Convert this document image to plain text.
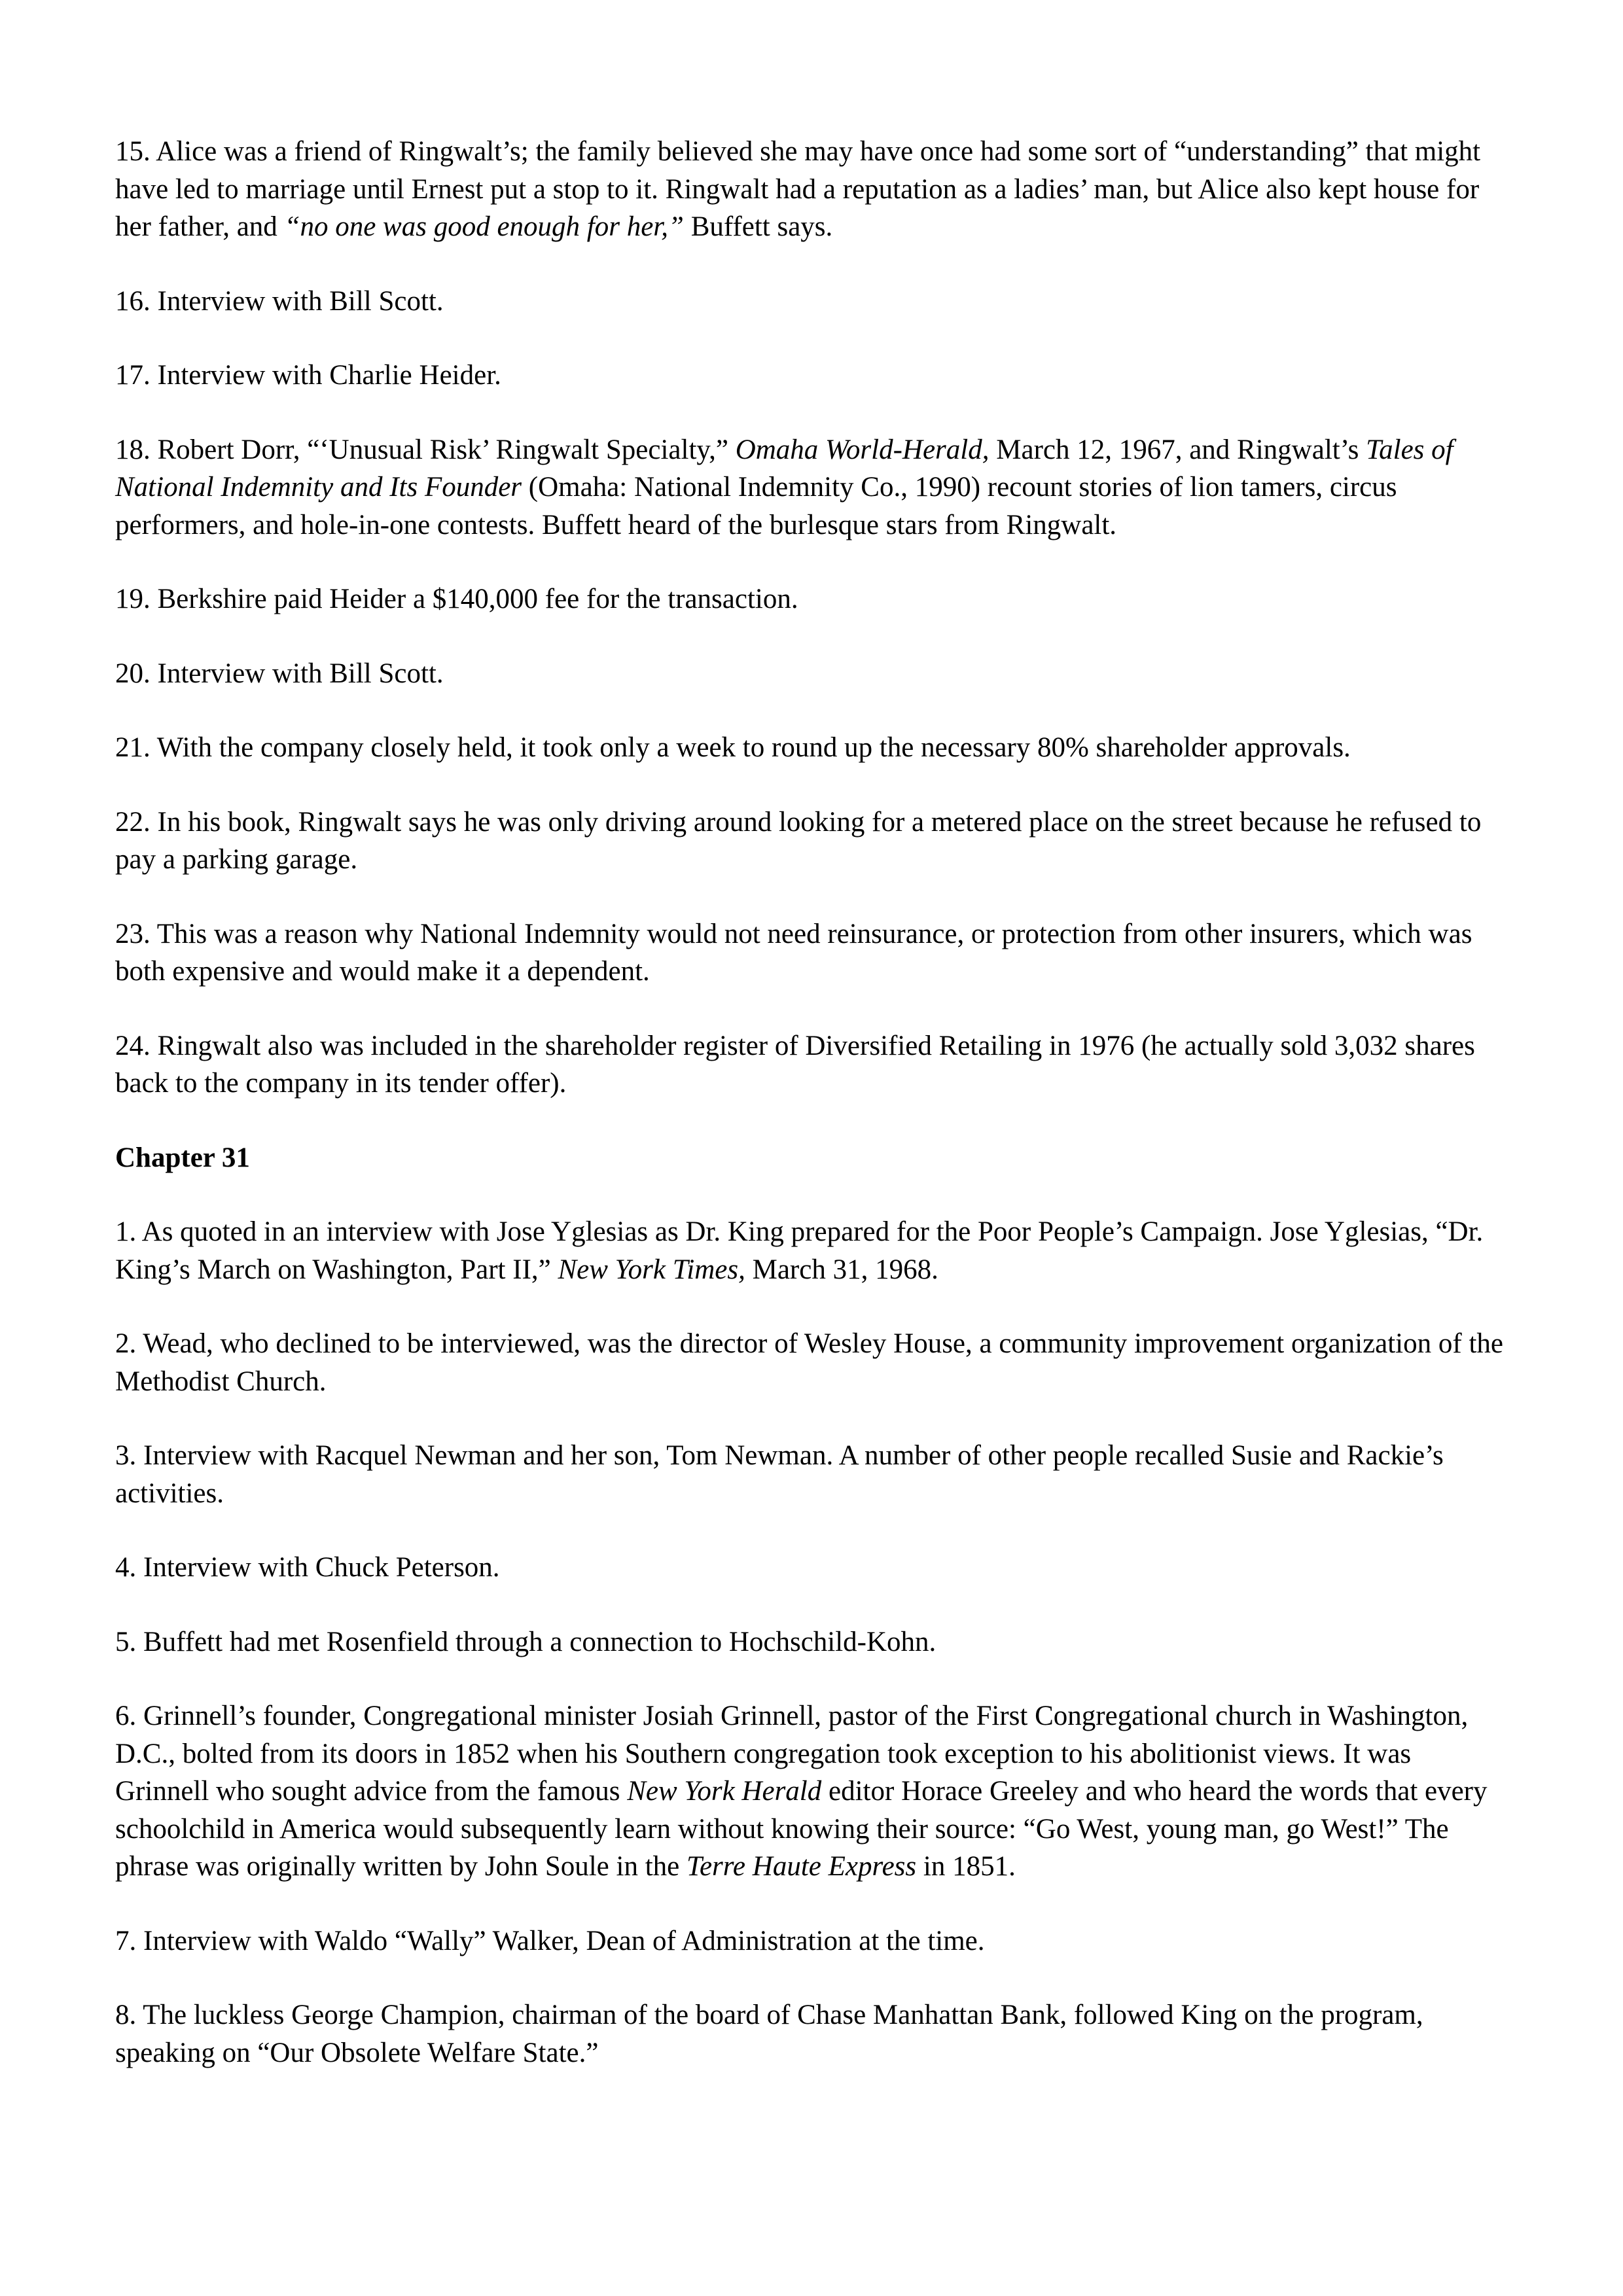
15. Alice was a friend of Ringwalt’s; the family believed she may have once had some sort of “understanding” that might have led to marriage until Ernest put a stop to it. Ringwalt had a reputation as a ladies’ man, but Alice also kept house for her father, and “no one was good enough for her,” Buffett says.

16. Interview with Bill Scott.

17. Interview with Charlie Heider.

18. Robert Dorr, “‘Unusual Risk’ Ringwalt Specialty,” Omaha World-Herald, March 12, 1967, and Ringwalt’s Tales of National Indemnity and Its Founder (Omaha: National Indemnity Co., 1990) recount stories of lion tamers, circus performers, and hole-in-one contests. Buffett heard of the burlesque stars from Ringwalt.

19. Berkshire paid Heider a $140,000 fee for the transaction.

20. Interview with Bill Scott.

21. With the company closely held, it took only a week to round up the necessary 80% shareholder approvals.

22. In his book, Ringwalt says he was only driving around looking for a metered place on the street because he refused to pay a parking garage.

23. This was a reason why National Indemnity would not need reinsurance, or protection from other insurers, which was both expensive and would make it a dependent.

24. Ringwalt also was included in the shareholder register of Diversified Retailing in 1976 (he actually sold 3,032 shares back to the company in its tender offer).

Chapter 31

1. As quoted in an interview with Jose Yglesias as Dr. King prepared for the Poor People’s Campaign. Jose Yglesias, “Dr. King’s March on Washington, Part II,” New York Times, March 31, 1968.

2. Wead, who declined to be interviewed, was the director of Wesley House, a community improvement organization of the Methodist Church.

3. Interview with Racquel Newman and her son, Tom Newman. A number of other people recalled Susie and Rackie’s activities.

4. Interview with Chuck Peterson.

5. Buffett had met Rosenfield through a connection to Hochschild-Kohn.

6. Grinnell’s founder, Congregational minister Josiah Grinnell, pastor of the First Congregational church in Washington, D.C., bolted from its doors in 1852 when his Southern congregation took exception to his abolitionist views. It was Grinnell who sought advice from the famous New York Herald editor Horace Greeley and who heard the words that every schoolchild in America would subsequently learn without knowing their source: “Go West, young man, go West!” The phrase was originally written by John Soule in the Terre Haute Express in 1851.

7. Interview with Waldo “Wally” Walker, Dean of Administration at the time.

8. The luckless George Champion, chairman of the board of Chase Manhattan Bank, followed King on the program, speaking on “Our Obsolete Welfare State.”
